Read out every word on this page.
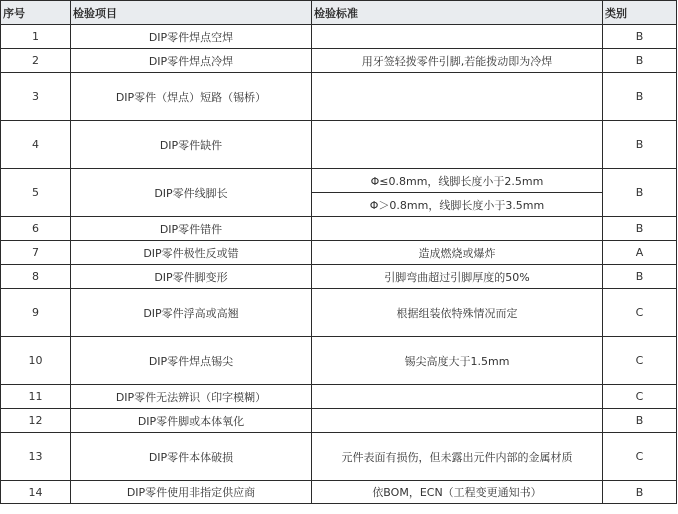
序号	检验项目	检验标准	类别
1	DIP零件焊点空焊		B
2	DIP零件焊点冷焊	用牙签轻拨零件引脚,若能拨动即为冷焊	B
3	DIP零件（焊点）短路（锡桥）		B
4	DIP零件缺件		B
5	DIP零件线脚长	Φ≤0.8mm，线脚长度小于2.5mm	B
		Φ＞0.8mm，线脚长度小于3.5mm	
6	DIP零件错件		B
7	DIP零件极性反或错	造成燃烧或爆炸	A
8	DIP零件脚变形	引脚弯曲超过引脚厚度的50%	B
9	DIP零件浮高或高翘	根据组装依特殊情况而定	C
10	DIP零件焊点锡尖	锡尖高度大于1.5mm	C
11	DIP零件无法辨识（印字模糊）		C
12	DIP零件脚或本体氧化		B
13	DIP零件本体破损	元件表面有损伤，但未露出元件内部的金属材质	C
14	DIP零件使用非指定供应商	依BOM，ECN（工程变更通知书）	B
